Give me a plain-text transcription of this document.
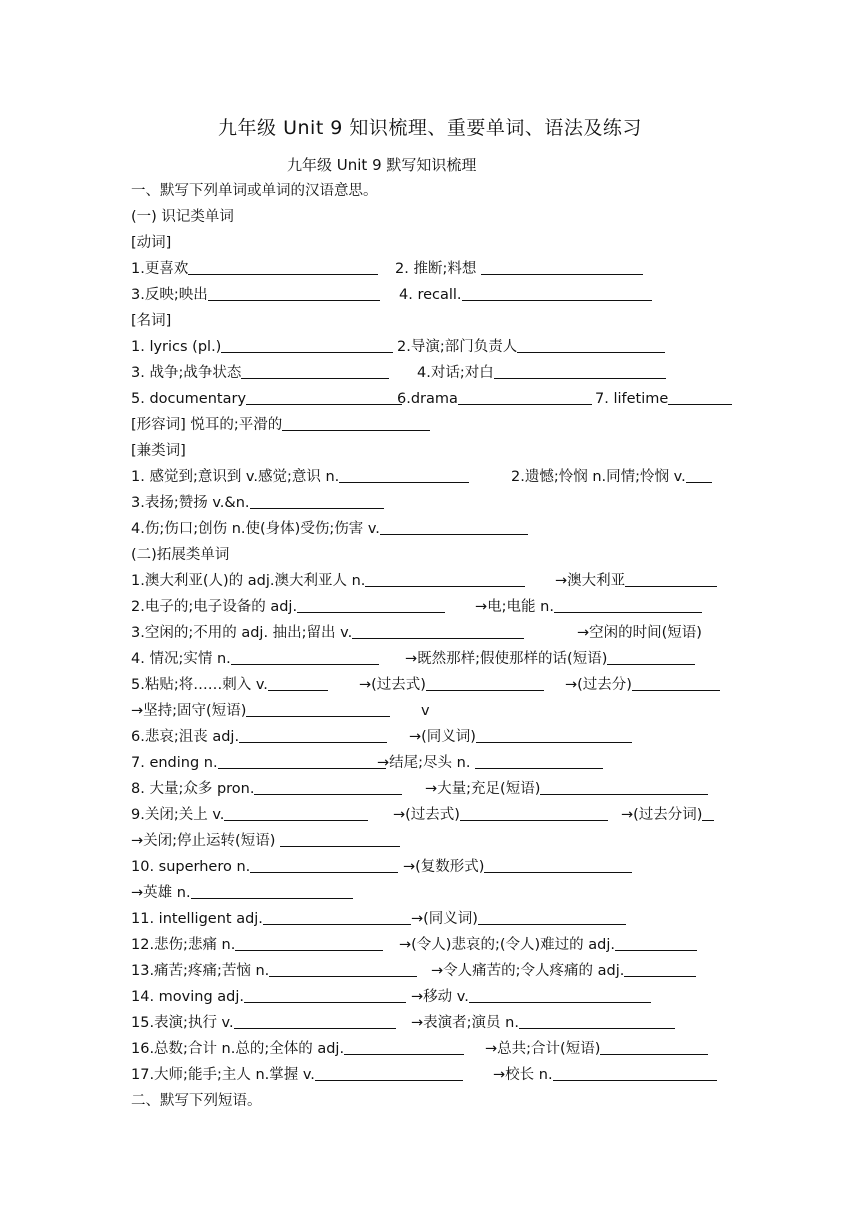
九年级 Unit 9 知识梳理、重要单词、语法及练习
九年级 Unit 9 默写知识梳理
一、默写下列单词或单词的汉语意思。
(一) 识记类单词
[动词]
1.更喜欢	2. 推断;料想
3.反映;映出	4. recall.
[名词]
1. lyrics (pl.)	2.导演;部门负责人
3. 战争;战争状态	4.对话;对白
5. documentary	6.drama	7. lifetime
[形容词] 悦耳的;平滑的
[兼类词]
1. 感觉到;意识到 v.感觉;意识 n.	2.遗憾;怜悯 n.同情;怜悯 v.
3.表扬;赞扬 v.&n.
4.伤;伤口;创伤 n.使(身体)受伤;伤害 v.
(二)拓展类单词
1.澳大利亚(人)的 adj.澳大利亚人 n.	→澳大利亚
2.电子的;电子设备的 adj.	→电;电能 n.
3.空闲的;不用的 adj. 抽出;留出 v.	→空闲的时间(短语)
4. 情况;实情 n.	→既然那样;假使那样的话(短语)
5.粘贴;将……刺入 v.	→(过去式)	→(过去分)
→坚持;固守(短语)	v
6.悲哀;沮丧 adj.	→(同义词)
7. ending n.	→结尾;尽头 n.
8. 大量;众多 pron.	→大量;充足(短语)
9.关闭;关上 v.	→(过去式)	→(过去分词)
→关闭;停止运转(短语)
10. superhero n.	→(复数形式)
→英雄 n.
11. intelligent adj.	→(同义词)
12.悲伤;悲痛 n.	→(令人)悲哀的;(令人)难过的 adj.
13.痛苦;疼痛;苦恼 n.	→令人痛苦的;令人疼痛的 adj.
14. moving adj.	→移动 v.
15.表演;执行 v.	→表演者;演员 n.
16.总数;合计 n.总的;全体的 adj.	→总共;合计(短语)
17.大师;能手;主人 n.掌握 v.	→校长 n.
二、默写下列短语。
